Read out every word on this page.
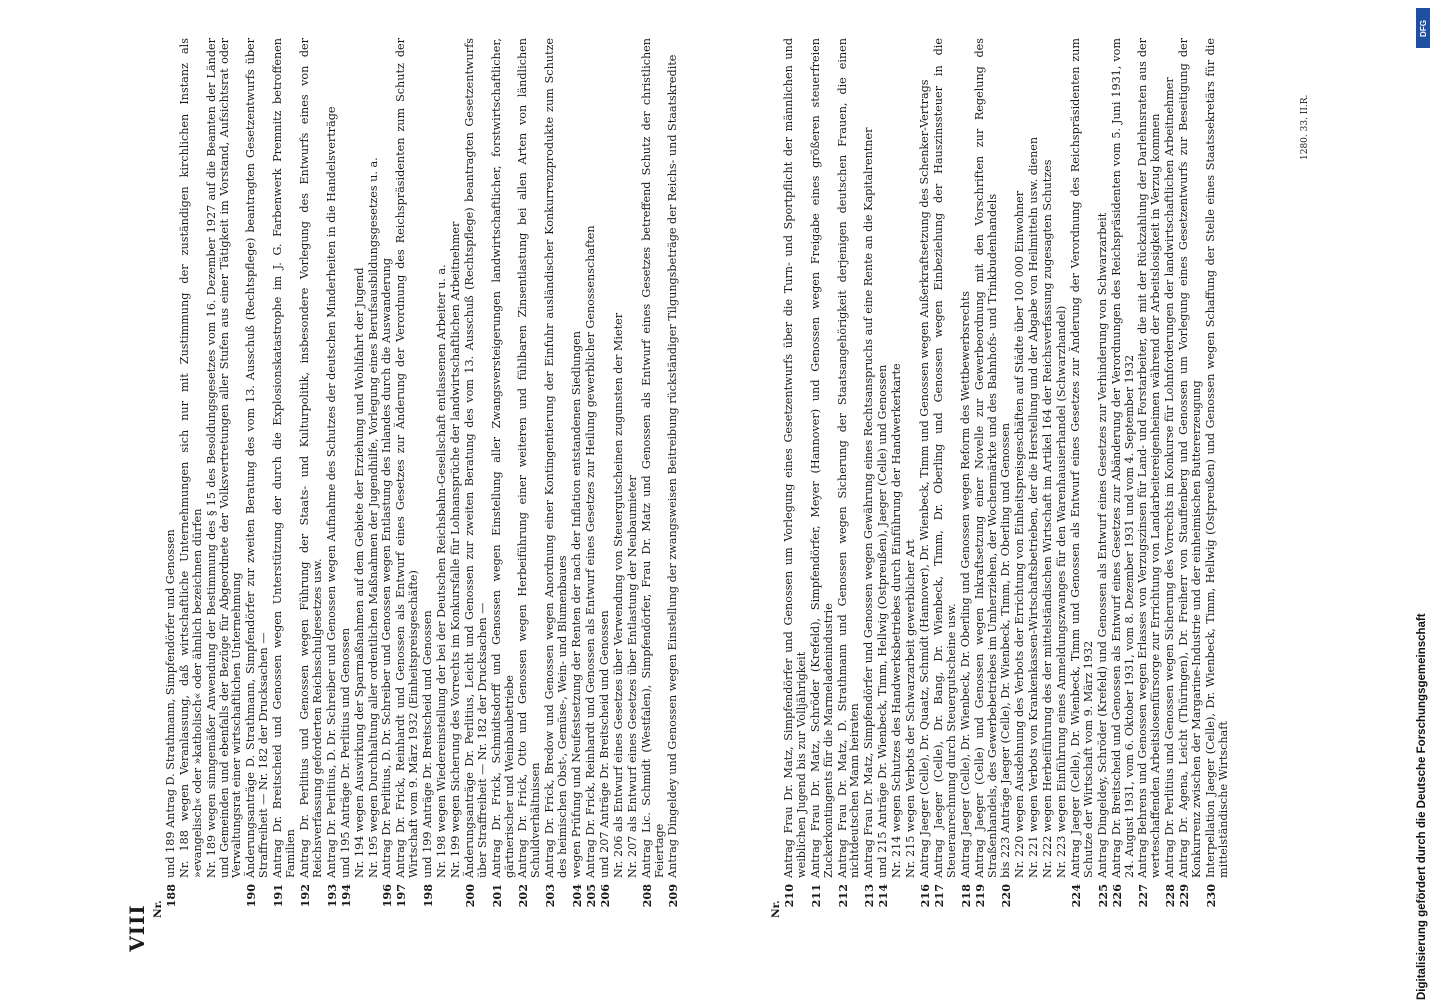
VIII Nr.
188
und 189 Antrag D. Strathmann, Simpfendörfer und Genossen Nr. 188 wegen Veranlassung, daß wirtschaftliche Unternehmungen sich nur mit Zustimmung der zuständigen kirchlichen Instanz als »evangelisch« oder »katholisch« oder ähnlich bezeichnen dürfen Nr. 189 wegen sinngemäßer Anwendung der Bestimmung des § 15 des Besoldungsgesetzes vom 16. Dezember 1927 auf die Beamten der Länder und Gemeinden und ebenfalls der Bezüge für Abgeordnete der Volksvertretungen aller Stufen aus einer Tätigkeit im Vorstand, Aufsichtsrat oder Verwaltungsrat einer wirtschaftlichen Unternehmung
190
Änderungsanträge D. Strathmann, Simpfendörfer zur zweiten Beratung des vom 13. Ausschuß (Rechtspflege) beantragten Gesetzentwurfs über Straffreiheit — Nr. 182 der Drucksachen —
191
Antrag Dr. Breitscheid und Genossen wegen Unterstützung der durch die Explosionskatastrophe im J. G. Farbenwerk Premnitz betroffenen Familien
192
Antrag Dr. Perlitius und Genossen wegen Führung der Staats- und Kulturpolitik, insbesondere Vorlegung des Entwurfs eines von der Reichsverfassung geforderten Reichsschulgesetzes usw.
193
Antrag Dr. Perlitius, D. Dr. Schreiber und Genossen wegen Aufnahme des Schutzes der deutschen Minderheiten in die Handelsverträge
194
und 195 Anträge Dr. Perlitius und Genossen Nr. 194 wegen Auswirkung der Sparmaßnahmen auf dem Gebiete der Erziehung und Wohlfahrt der Jugend Nr. 195 wegen Durchhaltung aller ordentlichen Maßnahmen der Jugendhilfe, Vorlegung eines Berufsausbildungsgesetzes u. a.
196
Antrag Dr. Perlitius, D. Dr. Schreiber und Genossen wegen Entlastung des Inlandes durch die Auswanderung
197
Antrag Dr. Frick, Reinhardt und Genossen als Entwurf eines Gesetzes zur Änderung der Verordnung des Reichspräsidenten zum Schutz der Wirtschaft vom 9. März 1932 (Einheitspreisgeschäfte)
198
und 199 Anträge Dr. Breitscheid und Genossen Nr. 198 wegen Wiedereinstellung der bei der Deutschen Reichsbahn-Gesellschaft entlassenen Arbeiter u. a. Nr. 199 wegen Sicherung des Vorrechts im Konkursfalle für Lohnansprüche der landwirtschaftlichen Arbeitnehmer
200
Änderungsanträge Dr. Perlitius, Leicht und Genossen zur zweiten Beratung des vom 13. Ausschuß (Rechtspflege) beantragten Gesetzentwurfs über Straffreiheit — Nr. 182 der Drucksachen —
201
Antrag Dr. Frick, Schmidtsdorff und Genossen wegen Einstellung aller Zwangsversteigerungen landwirtschaftlicher, forstwirtschaftlicher, gärtnerischer und Weinbaubetriebe
202
Antrag Dr. Frick, Otto und Genossen wegen Herbeiführung einer weiteren und fühlbaren Zinsentlastung bei allen Arten von ländlichen Schuldverhältnissen
203
Antrag Dr. Frick, Bredow und Genossen wegen Anordnung einer Kontingentierung der Einfuhr ausländischer Konkurrenzprodukte zum Schutze des heimischen Obst-, Gemüse-, Wein- und Blumenbaues
204
wegen Prüfung und Neufestsetzung der Renten der nach der Inflation entstandenen Siedlungen
205
Antrag Dr. Frick, Reinhardt und Genossen als Entwurf eines Gesetzes zur Heilung gewerblicher Genossenschaften
206
und 207 Anträge Dr. Breitscheid und Genossen Nr. 206 als Entwurf eines Gesetzes über Verwendung von Steuergutscheinen zugunsten der Mieter Nr. 207 als Entwurf eines Gesetzes über Entlastung der Neubaumieter
208
Antrag Lic. Schmidt (Westfalen), Simpfendörfer, Frau Dr. Matz und Genossen als Entwurf eines Gesetzes betreffend Schutz der christlichen Feiertage
209
Antrag Dingeldey und Genossen wegen Einstellung der zwangsweisen Beitreibung rückständiger Tilgungsbeträge der Reichs- und Staatskredite
Nr.
210
Antrag Frau Dr. Matz, Simpfendörfer und Genossen um Vorlegung eines Gesetzentwurfs über die Turn- und Sportpflicht der männlichen und weiblichen Jugend bis zur Volljährigkeit
211
Antrag Frau Dr. Matz, Schröder (Krefeld), Simpfendörfer, Meyer (Hannover) und Genossen wegen Freigabe eines größeren steuerfreien Zuckerkontingents für die Marmeladenindustrie
212
Antrag Frau Dr. Matz, D. Strathmann und Genossen wegen Sicherung der Staatsangehörigkeit derjenigen deutschen Frauen, die einen nichtdeutschen Mann heiraten
213
Antrag Frau Dr. Matz, Simpfendörfer und Genossen wegen Gewährung eines Rechtsanspruchs auf eine Rente an die Kapitalrentner
214
und 215 Anträge Dr. Wienbeck, Timm, Hellwig (Ostpreußen), Jaeger (Celle) und Genossen Nr. 214 wegen Schutzes des Handwerksbetriebes durch Einführung der Handwerkerkarte Nr. 215 wegen Verbots der Schwarzarbeit gewerblicher Art
216
Antrag Jaeger (Celle), Dr. Quaatz, Schmidt (Hannover), Dr. Wienbeck, Timm und Genossen wegen Außerkraftsetzung des Schenker-Vertrags
217
Antrag Jaeger (Celle), Dr. Bang, Dr. Wienbeck, Timm, Dr. Oberling und Genossen wegen Einbeziehung der Hauszinssteuer in die Steueranrechnung durch Steuergutscheine usw.
218
Antrag Jaeger (Celle), Dr. Wienbeck, Dr. Oberling und Genossen wegen Reform des Wettbewerbsrechts
219
Antrag Jaeger (Celle) und Genossen wegen Inkraftsetzung einer Novelle zur Gewerbeordnung mit den Vorschriften zur Regelung des Straßenhandels, des Gewerbebetriebes im Umherziehen, der Wochenmärkte und des Bahnhofs- und Trinkbudenhandels
220
bis 223 Anträge Jaeger (Celle), Dr. Wienbeck, Timm, Dr. Oberling und Genossen Nr. 220 wegen Ausdehnung des Verbots der Errichtung von Einheitspreisgeschäften auf Städte über 100 000 Einwohner Nr. 221 wegen Verbots von Krankenkassen-Wirtschaftsbetrieben, der die Herstellung und der Abgabe von Heilmitteln usw. dienen Nr. 222 wegen Herbeiführung des der mittelständischen Wirtschaft im Artikel 164 der Reichsverfassung zugesagten Schutzes Nr. 223 wegen Einführung eines Anmeldungszwanges für den Warenhausierhandel (Schwarzhandel)
224
Antrag Jaeger (Celle), Dr. Wienbeck, Timm und Genossen als Entwurf eines Gesetzes zur Änderung der Verordnung des Reichspräsidenten zum Schutze der Wirtschaft vom 9. März 1932
225
Antrag Dingeldey, Schröder (Krefeld) und Genossen als Entwurf eines Gesetzes zur Verhinderung von Schwarzarbeit
226
Antrag Dr. Breitscheid und Genossen als Entwurf eines Gesetzes zur Abänderung der Verordnungen des Reichspräsidenten vom 5. Juni 1931, vom 24. August 1931, vom 6. Oktober 1931, vom 8. Dezember 1931 und vom 4. September 1932
227
Antrag Behrens und Genossen wegen Erlasses von Verzugszinsen für Land- und Forstarbeiter, die mit der Rückzahlung der Darlehnsraten aus der werteschaffenden Arbeitslosenfürsorge zur Errichtung von Landarbeitereigenheimen während der Arbeitslosigkeit in Verzug kommen
228
Antrag Dr. Perlitius und Genossen wegen Sicherung des Vorrechts im Konkurse für Lohnforderungen der landwirtschaftlichen Arbeitnehmer
229
Antrag Dr. Agena, Leicht (Thüringen), Dr. Freiherr von Stauffenberg und Genossen um Vorlegung eines Gesetzentwurfs zur Beseitigung der Konkurrenz zwischen der Margarine-Industrie und der einheimischen Buttererzeugung
230
Interpellation Jaeger (Celle), Dr. Wienbeck, Timm, Hellwig (Ostpreußen) und Genossen wegen Schaffung der Stelle eines Staatssekretärs für die mittelständische Wirtschaft
1280. 33. II.R.
DFG
Digitalisierung gefördert durch die Deutsche Forschungsgemeinschaft
